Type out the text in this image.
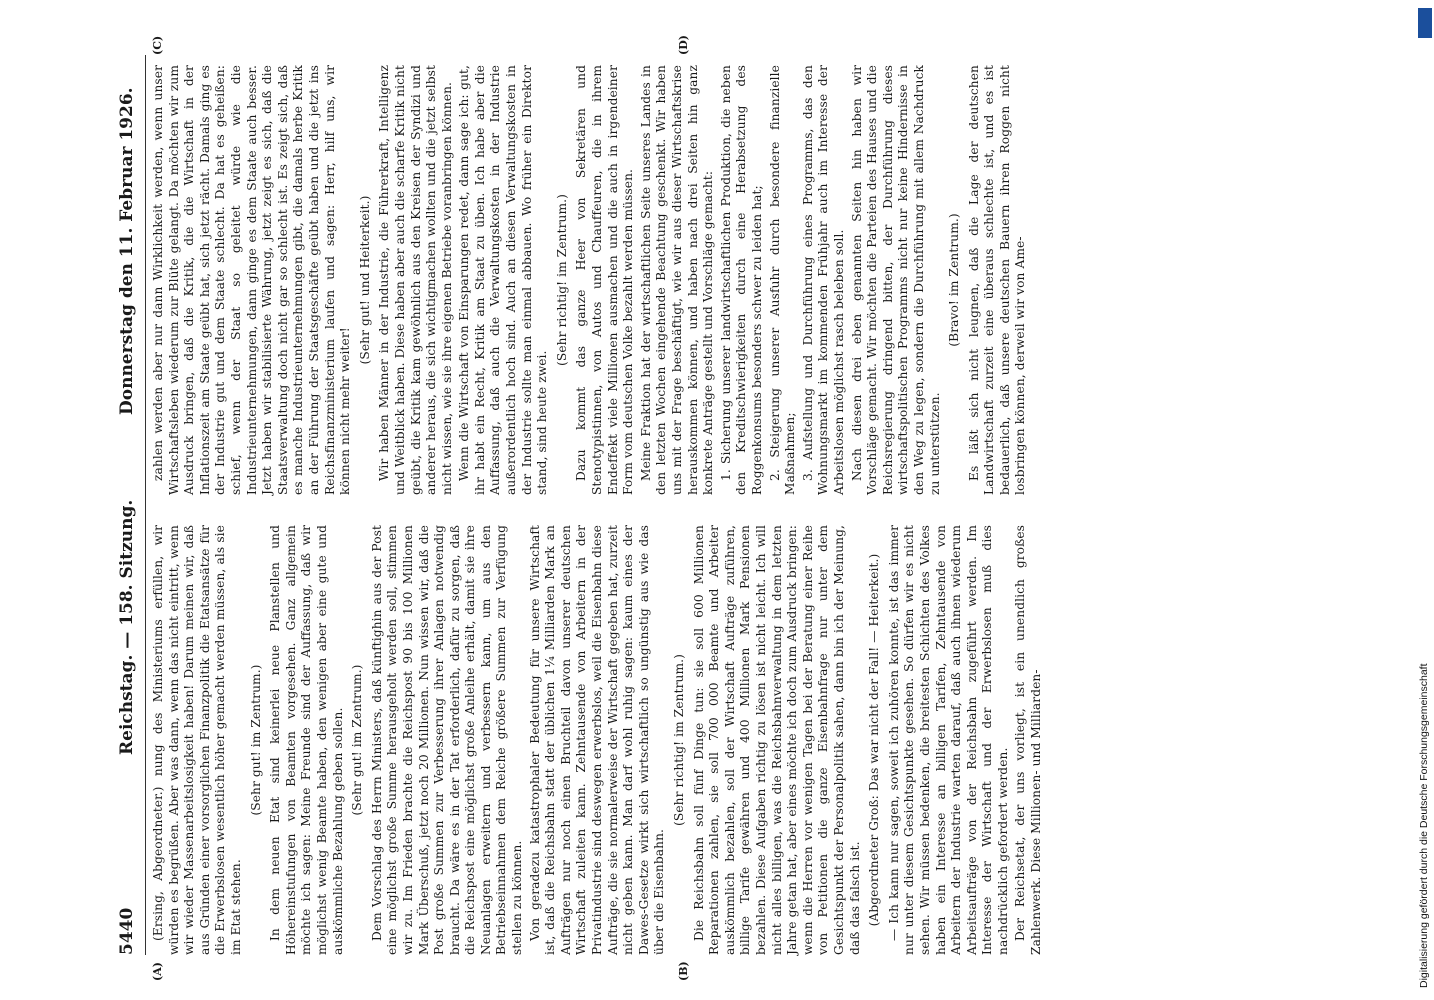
5440
Reichstag. — 158. Sitzung.
Donnerstag den 11. Februar 1926.

(Ersing, Abgeordneter.) nung des Ministeriums erfüllen, wir würden es begrüßen. Aber was dann, wenn das nicht eintritt, wenn wir wieder Massenarbeitslosigkeit haben! Darum meinen wir, daß aus Gründen einer vorsorglichen Finanzpolitik die Etatsansätze für die Erwerbslosen wesentlich höher gemacht werden müssen, als sie im Etat stehen.

(Sehr gut! im Zentrum.) In dem neuen Etat sind keinerlei neue Planstellen und Höhereinstufungen von Beamten vorgesehen. Ganz allgemein möchte ich sagen: Meine Freunde sind der Auffassung, daß wir möglichst wenig Beamte haben, den wenigen aber eine gute und auskömmliche Bezahlung geben sollen. (Sehr gut! im Zentrum.) Dem Vorschlag des Herrn Ministers, daß künftighin aus der Post eine möglichst große Summe herausgeholt werden soll, stimmen wir zu. Im Frieden brachte die Reichspost 90 bis 100 Millionen Mark Überschuß, jetzt noch 20 Millionen. Nun wissen wir, daß die Post große Summen zur Verbesserung ihrer Anlagen notwendig braucht. Da wäre es in der Tat erforderlich, dafür zu sorgen, daß die Reichspost eine möglichst große Anleihe erhält, damit sie ihre Neuanlagen erweitern und verbessern kann, um aus den Betriebseinnahmen dem Reiche größere Summen zur Verfügung stellen zu können. Von geradezu katastrophaler Bedeutung für unsere Wirtschaft ist, daß die Reichsbahn statt der üblichen 1¼ Milliarden Mark an Aufträgen nur noch einen Bruchteil davon unserer deutschen Wirtschaft zuleiten kann. Zehntausende von Arbeitern in der Privatindustrie sind deswegen erwerbslos, weil die Eisenbahn diese Aufträge, die sie normalerweise der Wirtschaft gegeben hat, zurzeit nicht geben kann. Man darf wohl ruhig sagen: kaum eines der Dawes-Gesetze wirkt sich wirtschaftlich so ungünstig aus wie das über die Eisenbahn.

(Sehr richtig! im Zentrum.) Die Reichsbahn soll fünf Dinge tun: sie soll 600 Millionen Reparationen zahlen, sie soll 700 000 Beamte und Arbeiter auskömmlich bezahlen, soll der Wirtschaft Aufträge zuführen, billige Tarife gewähren und 400 Millionen Mark Pensionen bezahlen. Diese Aufgaben richtig zu lösen ist nicht leicht. Ich will nicht alles billigen, was die Reichsbahnverwaltung in dem letzten Jahre getan hat, aber eines möchte ich doch zum Ausdruck bringen: wenn die Herren vor wenigen Tagen bei der Beratung einer Reihe von Petitionen die ganze Eisenbahnfrage nur unter dem Gesichtspunkt der Personalpolitik sahen, dann bin ich der Meinung, daß das falsch ist. (Abgeordneter Groß: Das war nicht der Fall! — Heiterkeit.) — Ich kann nur sagen, soweit ich zuhören konnte, ist das immer nur unter diesem Gesichtspunkte gesehen. So dürfen wir es nicht sehen. Wir müssen bedenken, die breitesten Schichten des Volkes haben ein Interesse an billigen Tarifen, Zehntausende von Arbeitern der Industrie warten darauf, daß auch ihnen wiederum Arbeitsaufträge von der Reichsbahn zugeführt werden. Im Interesse der Wirtschaft und der Erwerbslosen muß dies nachdrücklich gefordert werden. Der Reichsetat, der uns vorliegt, ist ein unendlich großes Zahlenwerk. Diese Millionen- und Milliarden-

zahlen werden aber nur dann Wirklichkeit werden, wenn unser Wirtschaftsleben wiederum zur Blüte gelangt. Da möchten wir zum Ausdruck bringen, daß die Kritik, die die Wirtschaft in der Inflationszeit am Staate geübt hat, sich jetzt rächt. Damals ging es der Industrie gut und dem Staate schlecht. Da hat es geheißen: schief, wenn der Staat so geleitet würde wie die Industrieunternehmungen, dann ginge es dem Staate auch besser. Jetzt haben wir stabilisierte Währung, jetzt zeigt es sich, daß die Staatsverwaltung doch nicht gar so schlecht ist. Es zeigt sich, daß es manche Industrieunternehmungen gibt, die damals herbe Kritik an der Führung der Staatsgeschäfte geübt haben und die jetzt ins Reichsfinanzministerium laufen und sagen: Herr, hilf uns, wir können nicht mehr weiter!

(Sehr gut! und Heiterkeit.) Wir haben Männer in der Industrie, die Führerkraft, Intelligenz und Weitblick haben. Diese haben aber auch die scharfe Kritik nicht geübt, die Kritik kam gewöhnlich aus den Kreisen der Syndizi und anderer heraus, die sich wichtigmachen wollten und die jetzt selbst nicht wissen, wie sie ihre eigenen Betriebe voranbringen können. Wenn die Wirtschaft von Einsparungen redet, dann sage ich: gut, ihr habt ein Recht, Kritik am Staat zu üben. Ich habe aber die Auffassung, daß auch die Verwaltungskosten in der Industrie außerordentlich hoch sind. Auch an diesen Verwaltungskosten in der Industrie sollte man einmal abbauen. Wo früher ein Direktor stand, sind heute zwei.

(Sehr richtig! im Zentrum.) Dazu kommt das ganze Heer von Sekretären und Stenotypistinnen, von Autos und Chauffeuren, die in ihrem Endeffekt viele Millionen ausmachen und die auch in irgendeiner Form vom deutschen Volke bezahlt werden müssen. Meine Fraktion hat der wirtschaftlichen Seite unseres Landes in den letzten Wochen eingehende Beachtung geschenkt. Wir haben uns mit der Frage beschäftigt, wie wir aus dieser Wirtschaftskrise herauskommen können, und haben nach drei Seiten hin ganz konkrete Anträge gestellt und Vorschläge gemacht: 1. Sicherung unserer landwirtschaftlichen Produktion, die neben den Kreditschwierigkeiten durch eine Herabsetzung des Roggenkonsums besonders schwer zu leiden hat; 2. Steigerung unserer Ausfuhr durch besondere finanzielle Maßnahmen; 3. Aufstellung und Durchführung eines Programms, das den Wohnungsmarkt im kommenden Frühjahr auch im Interesse der Arbeitslosen möglichst rasch beleben soll. Nach diesen drei eben genannten Seiten hin haben wir Vorschläge gemacht. Wir möchten die Parteien des Hauses und die Reichsregierung dringend bitten, der Durchführung dieses wirtschaftspolitischen Programms nicht nur keine Hindernisse in den Weg zu legen, sondern die Durchführung mit allem Nachdruck zu unterstützen.

(Bravo! im Zentrum.) Es läßt sich nicht leugnen, daß die Lage der deutschen Landwirtschaft zurzeit eine überaus schlechte ist, und es ist bedauerlich, daß unsere deutschen Bauern ihren Roggen nicht losbringen können, derweil wir von Ame-

(A)	(B)
(C)	(D)
Digitalisierung gefördert durch die Deutsche Forschungsgemeinschaft
